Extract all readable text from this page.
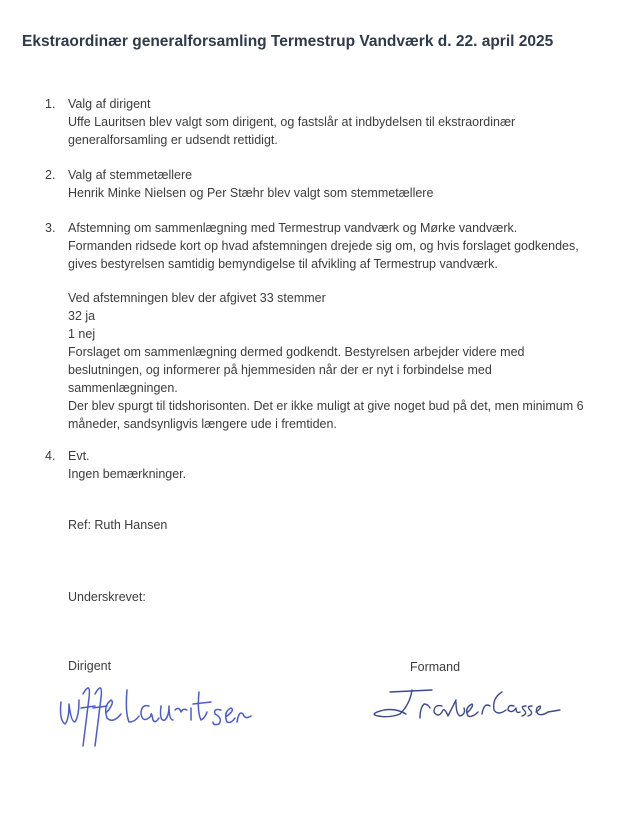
Ekstraordinær generalforsamling Termestrup Vandværk d. 22. april 2025
1. Valg af dirigent
Uffe Lauritsen blev valgt som dirigent, og fastslår at indbydelsen til ekstraordinær
generalforsamling er udsendt rettidigt.
2. Valg af stemmetællere
Henrik Minke Nielsen og Per Stæhr blev valgt som stemmetællere
3. Afstemning om sammenlægning med Termestrup vandværk og Mørke vandværk.
Formanden ridsede kort op hvad afstemningen drejede sig om, og hvis forslaget godkendes,
gives bestyrelsen samtidig bemyndigelse til afvikling af Termestrup vandværk.
Ved afstemningen blev der afgivet 33 stemmer
32 ja
1 nej
Forslaget om sammenlægning dermed godkendt. Bestyrelsen arbejder videre med
beslutningen, og informerer på hjemmesiden når der er nyt i forbindelse med
sammenlægningen.
Der blev spurgt til tidshorisonten. Det er ikke muligt at give noget bud på det, men minimum 6
måneder, sandsynligvis længere ude i fremtiden.
4. Evt.
Ingen bemærkninger.
Ref: Ruth Hansen
Underskrevet:
Dirigent	Formand
